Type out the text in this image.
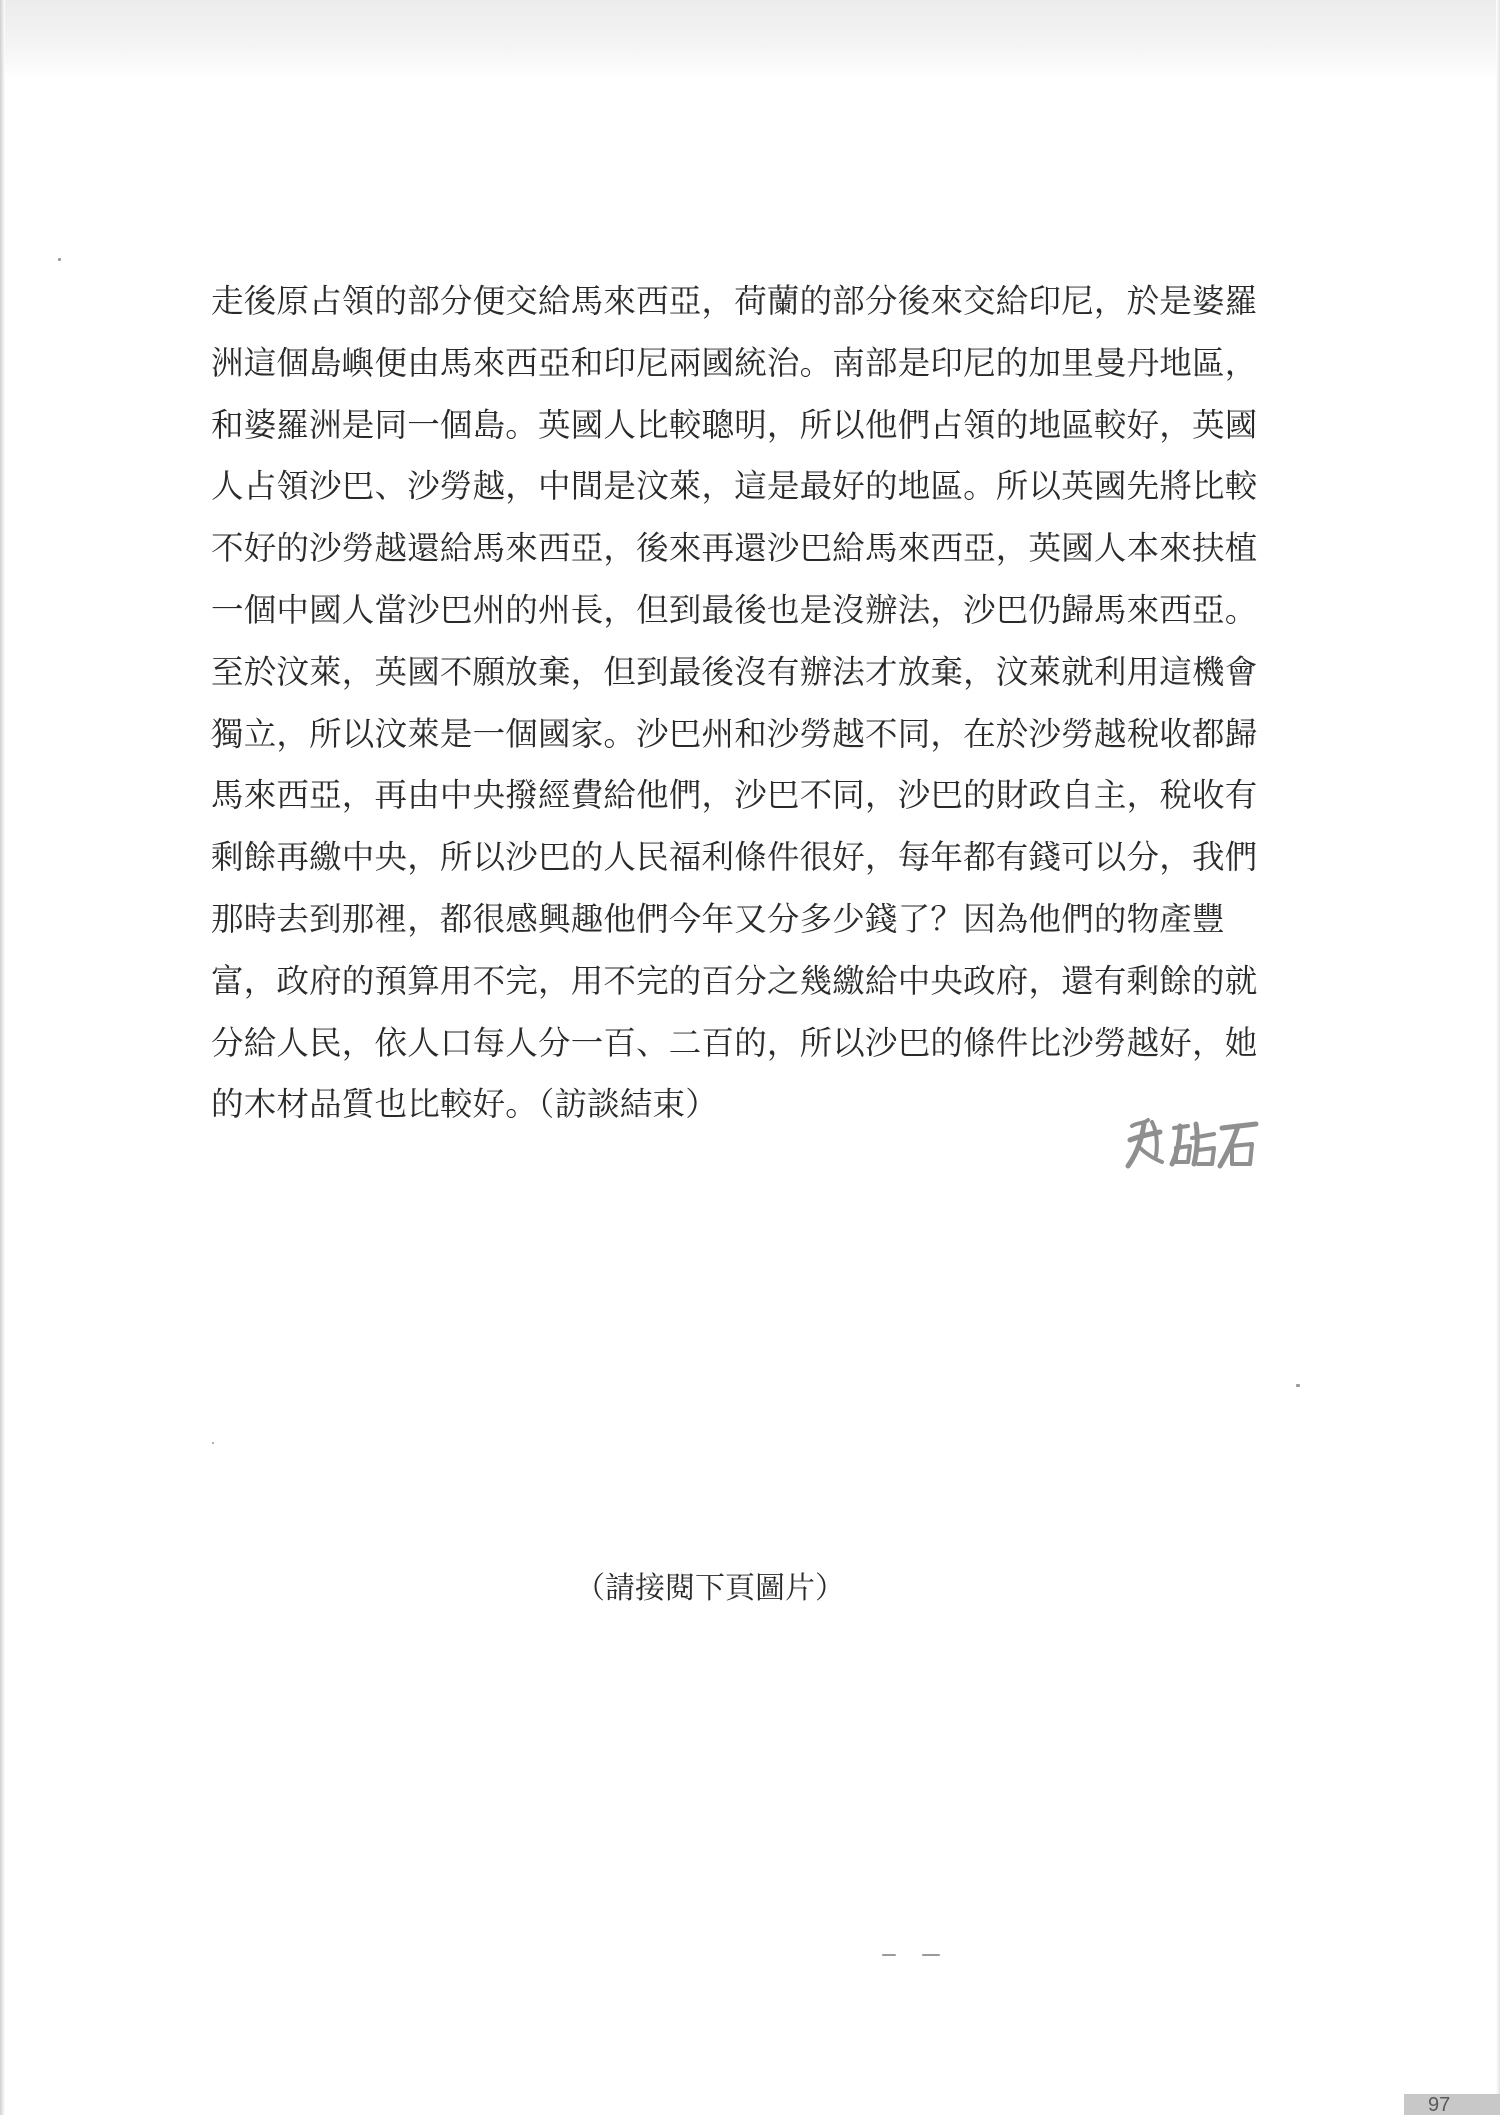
走後原占領的部分便交給馬來西亞，荷蘭的部分後來交給印尼，於是婆羅
洲這個島嶼便由馬來西亞和印尼兩國統治。南部是印尼的加里曼丹地區，
和婆羅洲是同一個島。英國人比較聰明，所以他們占領的地區較好，英國
人占領沙巴、沙勞越，中間是汶萊，這是最好的地區。所以英國先將比較
不好的沙勞越還給馬來西亞，後來再還沙巴給馬來西亞，英國人本來扶植
一個中國人當沙巴州的州長，但到最後也是沒辦法，沙巴仍歸馬來西亞。
至於汶萊，英國不願放棄，但到最後沒有辦法才放棄，汶萊就利用這機會
獨立，所以汶萊是一個國家。沙巴州和沙勞越不同，在於沙勞越稅收都歸
馬來西亞，再由中央撥經費給他們，沙巴不同，沙巴的財政自主，稅收有
剩餘再繳中央，所以沙巴的人民福利條件很好，每年都有錢可以分，我們
那時去到那裡，都很感興趣他們今年又分多少錢了？因為他們的物產豐
富，政府的預算用不完，用不完的百分之幾繳給中央政府，還有剩餘的就
分給人民，依人口每人分一百、二百的，所以沙巴的條件比沙勞越好，她
的木材品質也比較好。（訪談結束）
（請接閱下頁圖片）
97
